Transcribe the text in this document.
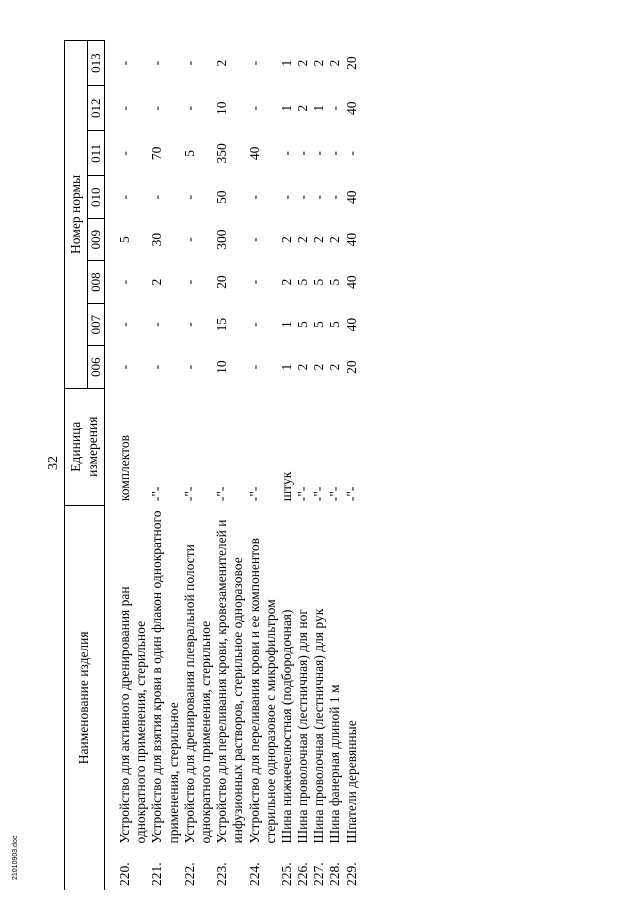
32
Наименование изделия		Единица
измерения	Номер нормы							
			006	007	008	009	010	011	012	013
220.	Устройство для активного дренирования ран однократного применения, стерильное	комплектов	-	-	-	5	-	-	-	-
221.	Устройство для взятия крови в один флакон однократного применения, стерильное	-"-	-	-	2	30	-	70	-	-
222.	Устройство для дренирования плевральной полости однократного применения, стерильное	-"-	-	-	-	-	-	5	-	-
223.	Устройство для переливания крови, кровезаменителей и инфузионных растворов, стерильное одноразовое	-"-	10	15	20	300	50	350	10	2
224.	Устройство для переливания крови и ее компонентов стерильное одноразовое с микрофильтром	-"-	-	-	-	-	-	40	-	-
225.	Шина нижнечелюстная (подбородочная)	штук	1	1	2	2	-	-	1	1
226.	Шина проволочная (лестничная) для ног	-"-	2	5	5	2	-	-	2	2
227.	Шина проволочная (лестничная) для рук	-"-	2	5	5	2	-	-	1	2
228.	Шина фанерная длиной 1 м	-"-	2	5	5	2	-	-	-	2
229.	Шпатели деревянные	-"-	20	40	40	40	40	-	40	20
21010903.doc
